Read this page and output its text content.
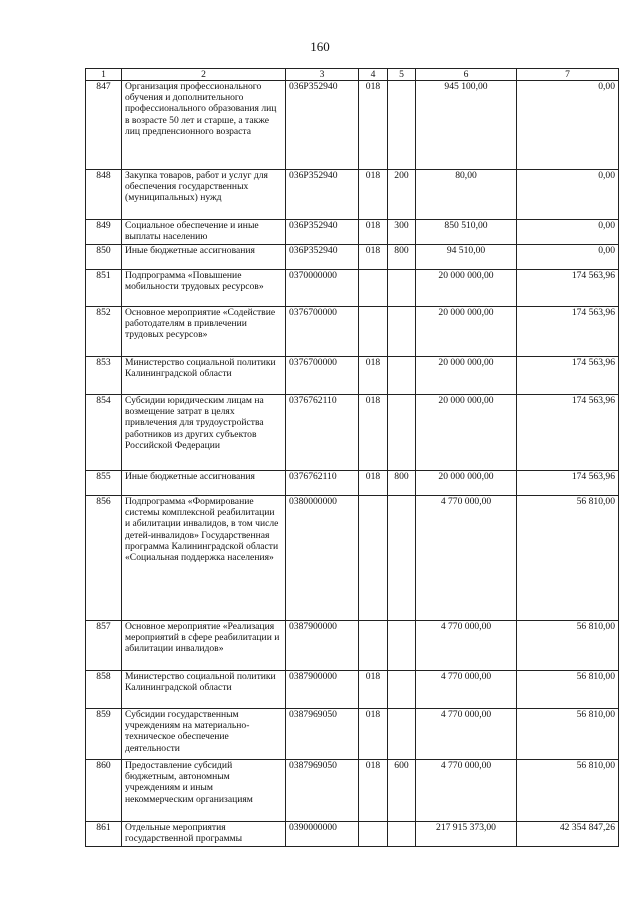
160
1	2	3	4	5	6	7
847	Организация профессионального обучения и дополнительного профессионального образования лиц в возрасте 50 лет и старше, а также лиц предпенсионного возраста	036P352940	018		945 100,00	0,00
848	Закупка товаров, работ и услуг для обеспечения государственных (муниципальных) нужд	036P352940	018	200	80,00	0,00
849	Социальное обеспечение и иные выплаты населению	036P352940	018	300	850 510,00	0,00
850	Иные бюджетные ассигнования	036P352940	018	800	94 510,00	0,00
851	Подпрограмма «Повышение мобильности трудовых ресурсов»	0370000000			20 000 000,00	174 563,96
852	Основное мероприятие «Содействие работодателям в привлечении трудовых ресурсов»	0376700000			20 000 000,00	174 563,96
853	Министерство социальной политики Калининградской области	0376700000	018		20 000 000,00	174 563,96
854	Субсидии юридическим лицам на возмещение затрат в целях привлечения для трудоустройства работников из других субъектов Российской Федерации	0376762110	018		20 000 000,00	174 563,96
855	Иные бюджетные ассигнования	0376762110	018	800	20 000 000,00	174 563,96
856	Подпрограмма «Формирование системы комплексной реабилитации и абилитации инвалидов, в том числе детей-инвалидов» Государственная программа Калининградской области «Социальная поддержка населения»	0380000000			4 770 000,00	56 810,00
857	Основное мероприятие «Реализация мероприятий в сфере реабилитации и абилитации инвалидов»	0387900000			4 770 000,00	56 810,00
858	Министерство социальной политики Калининградской области	0387900000	018		4 770 000,00	56 810,00
859	Субсидии государственным учреждениям на материально-техническое обеспечение деятельности	0387969050	018		4 770 000,00	56 810,00
860	Предоставление субсидий бюджетным, автономным учреждениям и иным некоммерческим организациям	0387969050	018	600	4 770 000,00	56 810,00
861	Отдельные мероприятия государственной программы	0390000000			217 915 373,00	42 354 847,26
